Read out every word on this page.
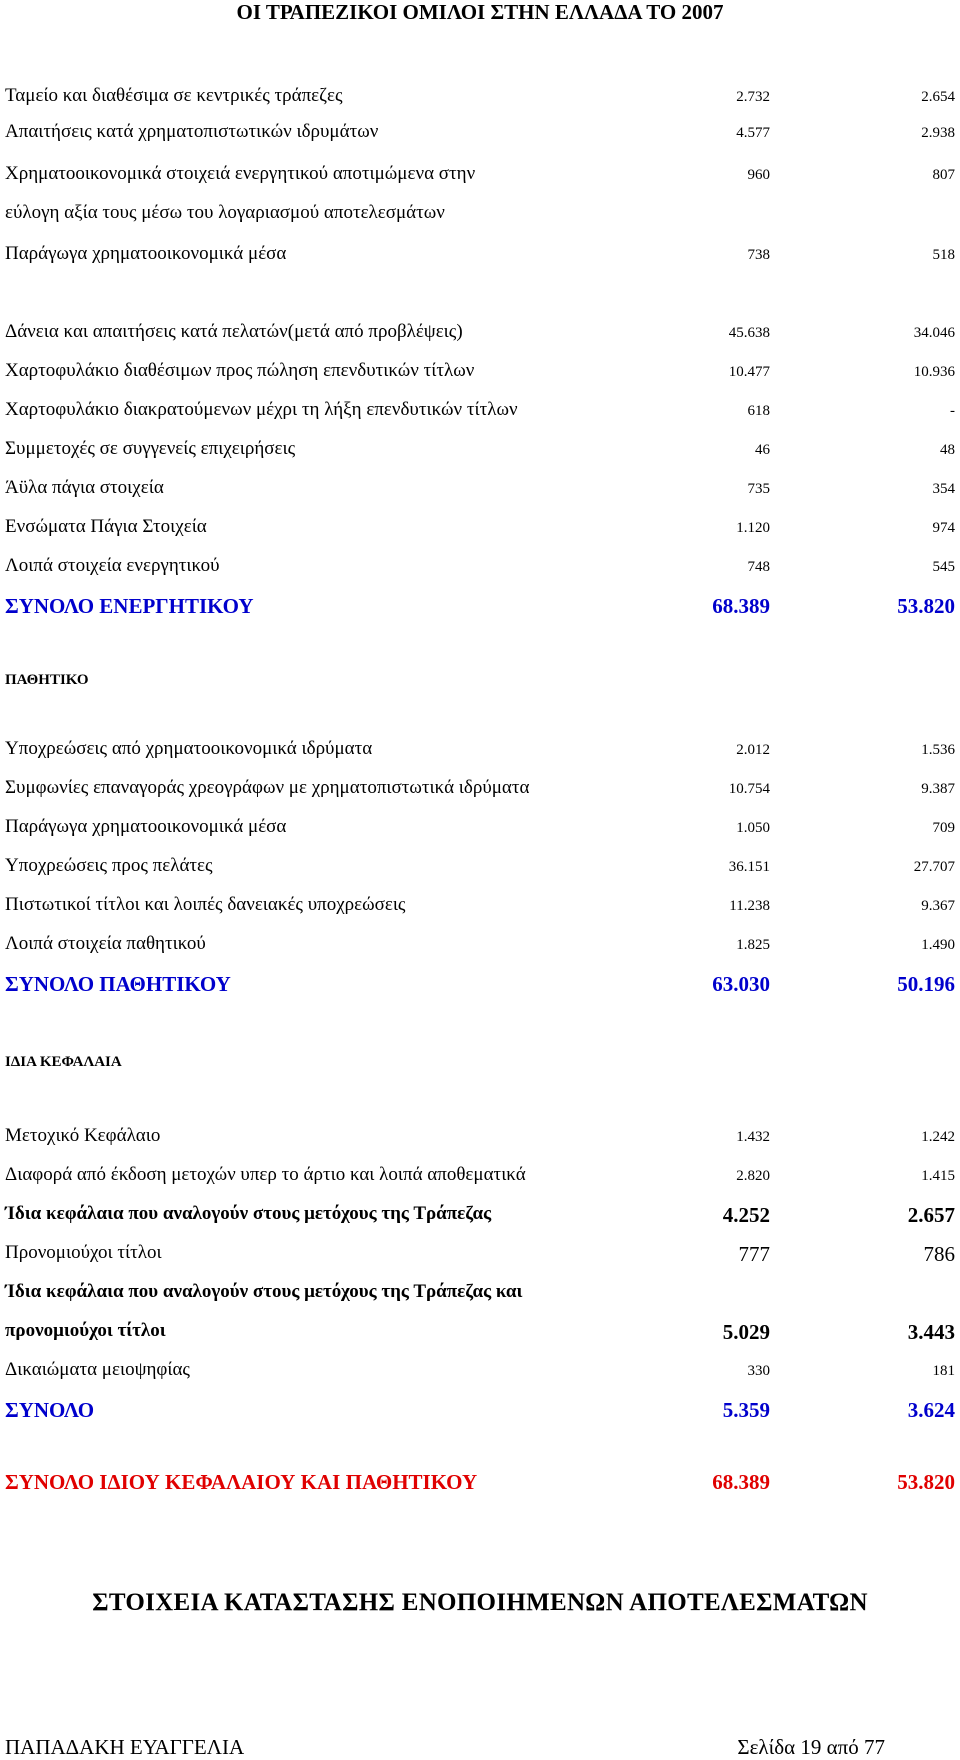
ΟΙ ΤΡΑΠΕΖΙΚΟΙ ΟΜΙΛΟΙ ΣΤΗΝ ΕΛΛΑΔΑ ΤΟ 2007
Ταμείο και διαθέσιμα σε κεντρικές τράπεζες	2.732	2.654
Απαιτήσεις κατά χρηματοπιστωτικών ιδρυμάτων	4.577	2.938
Χρηματοοικονομικά στοιχειά ενεργητικού αποτιμώμενα στην	960	807
εύλογη αξία τους μέσω του λογαριασμού αποτελεσμάτων
Παράγωγα χρηματοοικονομικά μέσα	738	518
Δάνεια και απαιτήσεις κατά πελατών(μετά από προβλέψεις)	45.638	34.046
Χαρτοφυλάκιο διαθέσιμων προς πώληση επενδυτικών τίτλων	10.477	10.936
Χαρτοφυλάκιο διακρατούμενων μέχρι τη λήξη επενδυτικών τίτλων	618	-
Συμμετοχές σε συγγενείς επιχειρήσεις	46	48
Άϋλα πάγια στοιχεία	735	354
Ενσώματα Πάγια Στοιχεία	1.120	974
Λοιπά στοιχεία ενεργητικού	748	545
ΣΥΝΟΛΟ ΕΝΕΡΓΗΤΙΚΟΥ	68.389	53.820
ΠΑΘΗΤΙΚΟ
Υποχρεώσεις από χρηματοοικονομικά ιδρύματα	2.012	1.536
Συμφωνίες επαναγοράς χρεογράφων με χρηματοπιστωτικά ιδρύματα	10.754	9.387
Παράγωγα χρηματοοικονομικά μέσα	1.050	709
Υποχρεώσεις προς πελάτες	36.151	27.707
Πιστωτικοί τίτλοι και λοιπές δανειακές υποχρεώσεις	11.238	9.367
Λοιπά στοιχεία παθητικού	1.825	1.490
ΣΥΝΟΛΟ ΠΑΘΗΤΙΚΟΥ	63.030	50.196
ΙΔΙΑ ΚΕΦΑΛΑΙΑ
Μετοχικό Κεφάλαιο	1.432	1.242
Διαφορά από έκδοση μετοχών υπερ το άρτιο και λοιπά αποθεματικά	2.820	1.415
Ίδια κεφάλαια που αναλογούν στους μετόχους της Τράπεζας	4.252	2.657
Προνομιούχοι τίτλοι	777	786
Ίδια κεφάλαια που αναλογούν στους μετόχους της Τράπεζας και
προνομιούχοι τίτλοι	5.029	3.443
Δικαιώματα μειοψηφίας	330	181
ΣΥΝΟΛΟ	5.359	3.624
ΣΥΝΟΛΟ ΙΔΙΟΥ ΚΕΦΑΛΑΙΟΥ ΚΑΙ ΠΑΘΗΤΙΚΟΥ	68.389	53.820
ΣΤΟΙΧΕΙΑ ΚΑΤΑΣΤΑΣΗΣ ΕΝΟΠΟΙΗΜΕΝΩΝ ΑΠΟΤΕΛΕΣΜΑΤΩΝ
ΠΑΠΑΔΑΚΗ ΕΥΑΓΓΕΛΙΑ	Σελίδα 19 από 77
